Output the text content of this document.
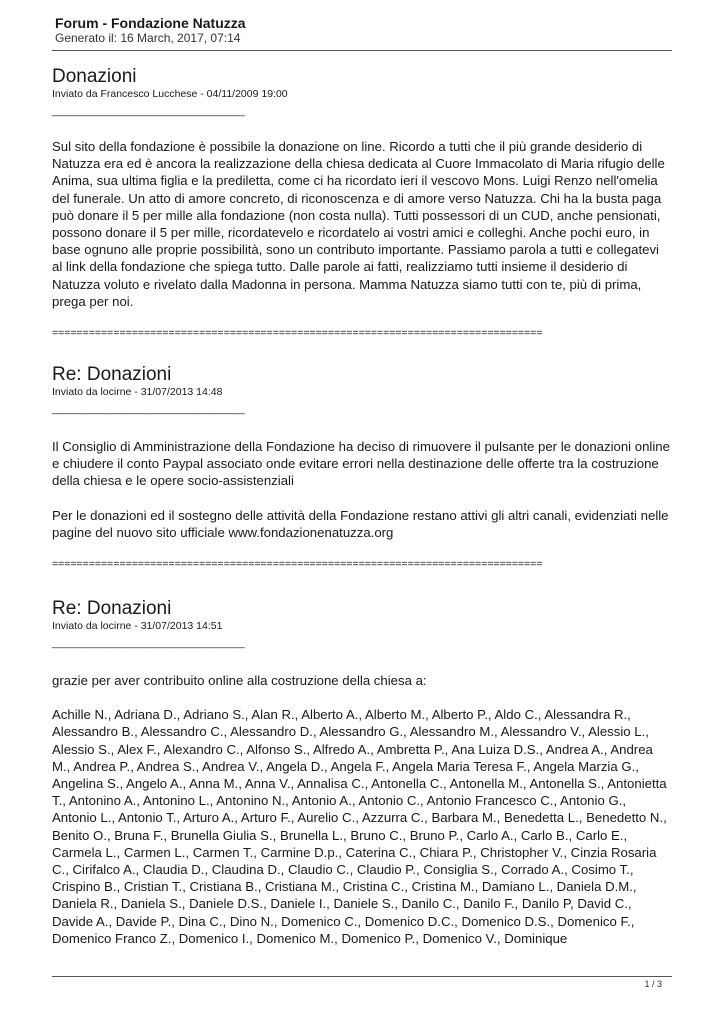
Forum - Fondazione Natuzza

Generato il: 16 March, 2017, 07:14

Donazioni

Inviato da Francesco Lucchese - 04/11/2009 19:00

_________________________________

Sul sito della fondazione è possibile la donazione on line. Ricordo a tutti che il più grande desiderio di Natuzza era ed è ancora la realizzazione della chiesa dedicata al Cuore Immacolato di Maria rifugio delle Anima, sua ultima figlia e la prediletta, come ci ha ricordato ieri il vescovo Mons. Luigi Renzo nell'omelia del funerale. Un atto di amore concreto, di riconoscenza e di amore verso Natuzza. Chi ha la busta paga può donare il 5 per mille alla fondazione (non costa nulla). Tutti possessori di un CUD, anche pensionati, possono donare il 5 per mille, ricordatevelo e ricordatelo ai vostri amici e colleghi. Anche pochi euro, in base ognuno alle proprie possibilità, sono un contributo importante. Passiamo parola a tutti e collegatevi al link della fondazione che spiega tutto. Dalle parole ai fatti, realizziamo tutti insieme il desiderio di Natuzza voluto e rivelato dalla Madonna in persona. Mamma Natuzza siamo tutti con te, più di prima, prega per noi.

================================================================================

Re: Donazioni

Inviato da locirne - 31/07/2013 14:48

_________________________________

Il Consiglio di Amministrazione della Fondazione ha deciso di rimuovere il pulsante per le donazioni online e chiudere il conto Paypal associato onde evitare errori nella destinazione delle offerte tra la costruzione della chiesa e le opere socio-assistenziali

Per le donazioni ed il sostegno delle attività della Fondazione restano attivi gli altri canali, evidenziati nelle pagine del nuovo sito ufficiale www.fondazionenatuzza.org

================================================================================

Re: Donazioni

Inviato da locirne - 31/07/2013 14:51

_________________________________

grazie per aver contribuito online alla costruzione della chiesa a:

Achille N., Adriana D., Adriano S., Alan R., Alberto A., Alberto M., Alberto P., Aldo C., Alessandra R., Alessandro B., Alessandro C., Alessandro D., Alessandro G., Alessandro M., Alessandro V., Alessio L., Alessio S., Alex F., Alexandro C., Alfonso S., Alfredo A., Ambretta P., Ana Luiza D.S., Andrea A., Andrea M., Andrea P., Andrea S., Andrea V., Angela D., Angela F., Angela Maria Teresa F., Angela Marzia G., Angelina S., Angelo A., Anna M., Anna V., Annalisa C., Antonella C., Antonella M., Antonella S., Antonietta T., Antonino A., Antonino L., Antonino N., Antonio A., Antonio C., Antonio Francesco C., Antonio G., Antonio L., Antonio T., Arturo A., Arturo F., Aurelio C., Azzurra C., Barbara M., Benedetta L., Benedetto N., Benito O., Bruna F., Brunella Giulia S., Brunella L., Bruno C., Bruno P., Carlo A., Carlo B., Carlo E., Carmela L., Carmen L., Carmen T., Carmine D.p., Caterina C., Chiara P., Christopher V., Cinzia Rosaria C., Cirifalco A., Claudia D., Claudina D., Claudio C., Claudio P., Consiglia S., Corrado A., Cosimo T., Crispino B., Cristian T., Cristiana B., Cristiana M., Cristina C., Cristina M., Damiano L., Daniela D.M., Daniela R., Daniela S., Daniele D.S., Daniele I., Daniele S., Danilo C., Danilo F., Danilo P, David C., Davide A., Davide P., Dina C., Dino N., Domenico C., Domenico D.C., Domenico D.S., Domenico F., Domenico Franco Z., Domenico I., Domenico M., Domenico P., Domenico V., Dominique

1 / 3
